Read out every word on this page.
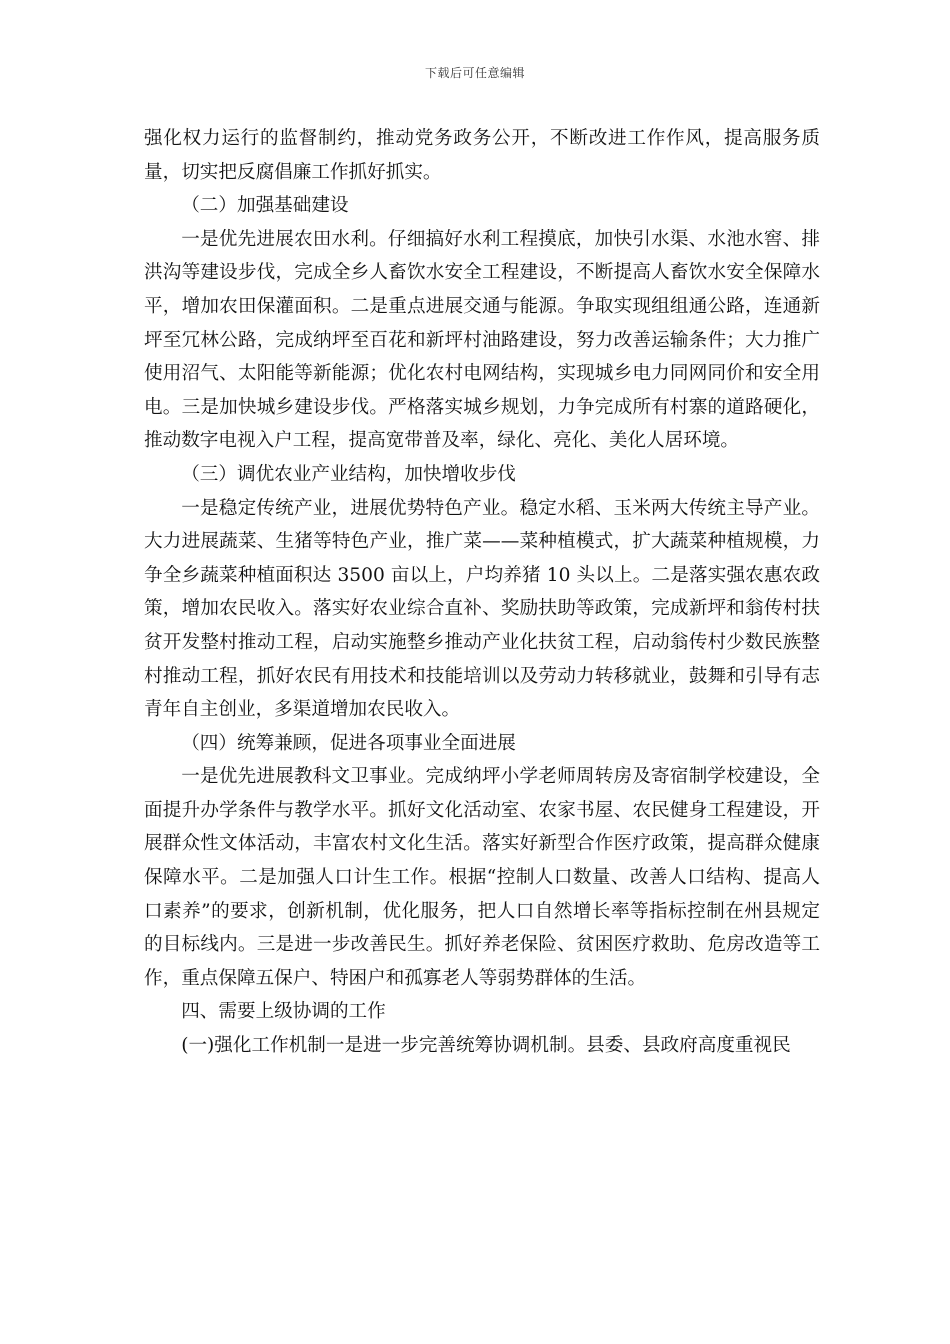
下载后可任意编辑

强化权力运行的监督制约，推动党务政务公开，不断改进工作作风，提高服务质量，切实把反腐倡廉工作抓好抓实。

（二）加强基础建设

一是优先进展农田水利。仔细搞好水利工程摸底，加快引水渠、水池水窖、排洪沟等建设步伐，完成全乡人畜饮水安全工程建设，不断提高人畜饮水安全保障水平，增加农田保灌面积。二是重点进展交通与能源。争取实现组组通公路，连通新坪至冗林公路，完成纳坪至百花和新坪村油路建设，努力改善运输条件；大力推广使用沼气、太阳能等新能源；优化农村电网结构，实现城乡电力同网同价和安全用电。三是加快城乡建设步伐。严格落实城乡规划，力争完成所有村寨的道路硬化，推动数字电视入户工程，提高宽带普及率，绿化、亮化、美化人居环境。

（三）调优农业产业结构，加快增收步伐

一是稳定传统产业，进展优势特色产业。稳定水稻、玉米两大传统主导产业。大力进展蔬菜、生猪等特色产业，推广菜——菜种植模式，扩大蔬菜种植规模，力争全乡蔬菜种植面积达 3500 亩以上，户均养猪 10 头以上。二是落实强农惠农政策，增加农民收入。落实好农业综合直补、奖励扶助等政策，完成新坪和翁传村扶贫开发整村推动工程，启动实施整乡推动产业化扶贫工程，启动翁传村少数民族整村推动工程，抓好农民有用技术和技能培训以及劳动力转移就业，鼓舞和引导有志青年自主创业，多渠道增加农民收入。

（四）统筹兼顾，促进各项事业全面进展

一是优先进展教科文卫事业。完成纳坪小学老师周转房及寄宿制学校建设，全面提升办学条件与教学水平。抓好文化活动室、农家书屋、农民健身工程建设，开展群众性文体活动，丰富农村文化生活。落实好新型合作医疗政策，提高群众健康保障水平。二是加强人口计生工作。根据“控制人口数量、改善人口结构、提高人口素养”的要求，创新机制，优化服务，把人口自然增长率等指标控制在州县规定的目标线内。三是进一步改善民生。抓好养老保险、贫困医疗救助、危房改造等工作，重点保障五保户、特困户和孤寡老人等弱势群体的生活。

四、需要上级协调的工作

(一)强化工作机制一是进一步完善统筹协调机制。县委、县政府高度重视民
